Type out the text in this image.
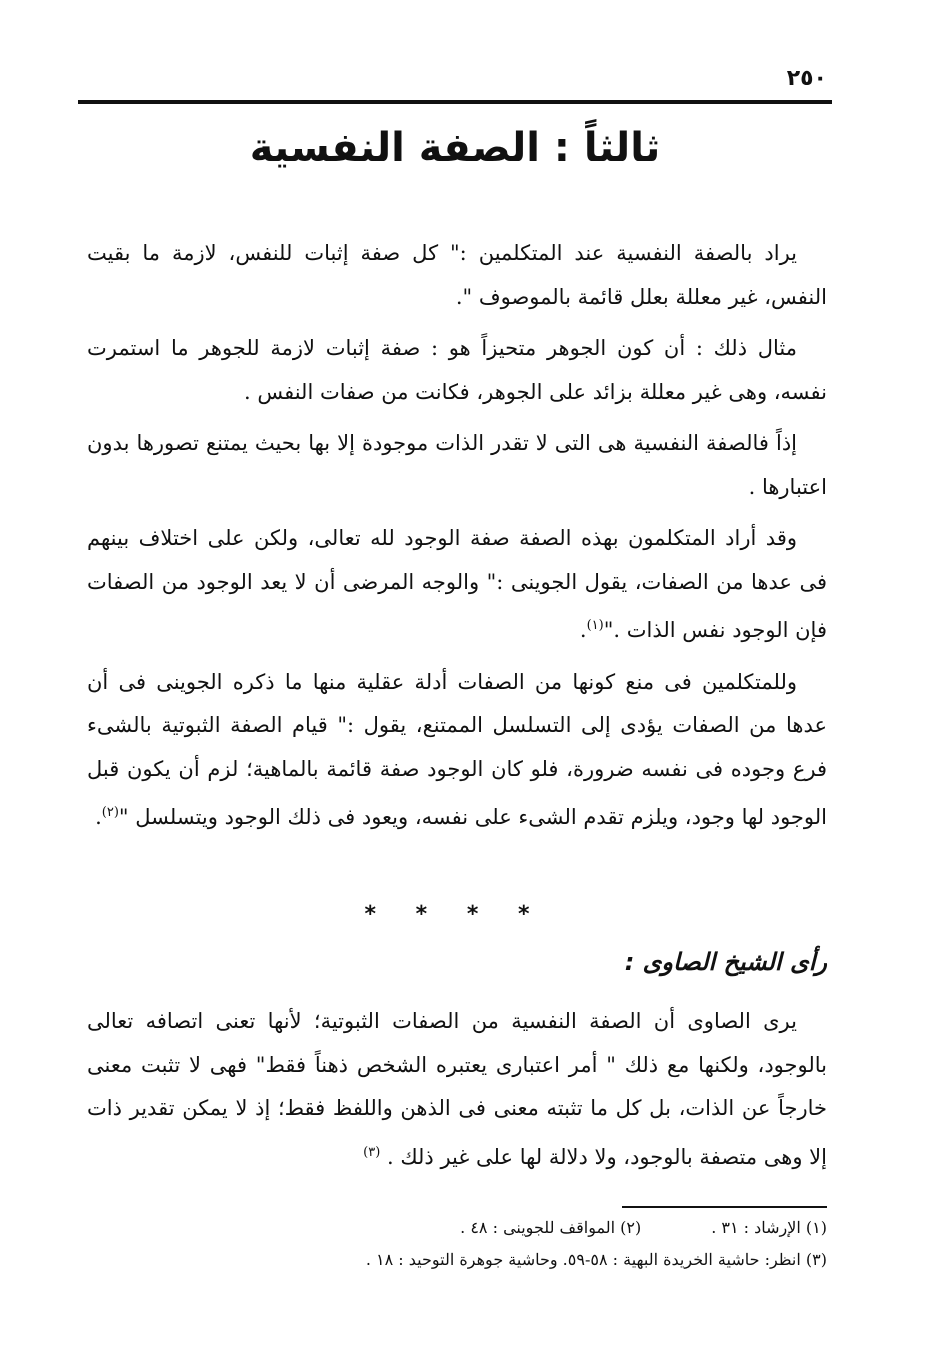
٢٥٠
ثالثاً : الصفة النفسية

يراد بالصفة النفسية عند المتكلمين :" كل صفة إثبات للنفس، لازمة ما بقيت النفس، غير معللة بعلل قائمة بالموصوف ".

مثال ذلك : أن كون الجوهر متحيزاً هو : صفة إثبات لازمة للجوهر ما استمرت نفسه، وهى غير معللة بزائد على الجوهر، فكانت من صفات النفس .

إذاً فالصفة النفسية هى التى لا تقدر الذات موجودة إلا بها بحيث يمتنع تصورها بدون اعتبارها .

وقد أراد المتكلمون بهذه الصفة صفة الوجود لله تعالى، ولكن على اختلاف بينهم فى عدها من الصفات، يقول الجوينى :" والوجه المرضى أن لا يعد الوجود من الصفات فإن الوجود نفس الذات ."$^{(١)}$.

وللمتكلمين فى منع كونها من الصفات أدلة عقلية منها ما ذكره الجوينى فى أن عدها من الصفات يؤدى إلى التسلسل الممتنع، يقول :" قيام الصفة الثبوتية بالشىء فرع وجوده فى نفسه ضرورة، فلو كان الوجود صفة قائمة بالماهية؛ لزم أن يكون قبل الوجود لها وجود، ويلزم تقدم الشىء على نفسه، ويعود فى ذلك الوجود ويتسلسل "$^{(٢)}$.

* * * *
رأى الشيخ الصاوى :

يرى الصاوى أن الصفة النفسية من الصفات الثبوتية؛ لأنها تعنى اتصافه تعالى بالوجود، ولكنها مع ذلك " أمر اعتبارى يعتبره الشخص ذهناً فقط" فهى لا تثبت معنى خارجاً عن الذات، بل كل ما تثبته معنى فى الذهن واللفظ فقط؛ إذ لا يمكن تقدير ذات إلا وهى متصفة بالوجود، ولا دلالة لها على غير ذلك . $^{(٣)}$

(١) الإرشاد : ٣١ .
(٢) المواقف للجوينى : ٤٨ .
(٣) انظر: حاشية الخريدة البهية : ٥٨-٥٩. وحاشية جوهرة التوحيد : ١٨ .
